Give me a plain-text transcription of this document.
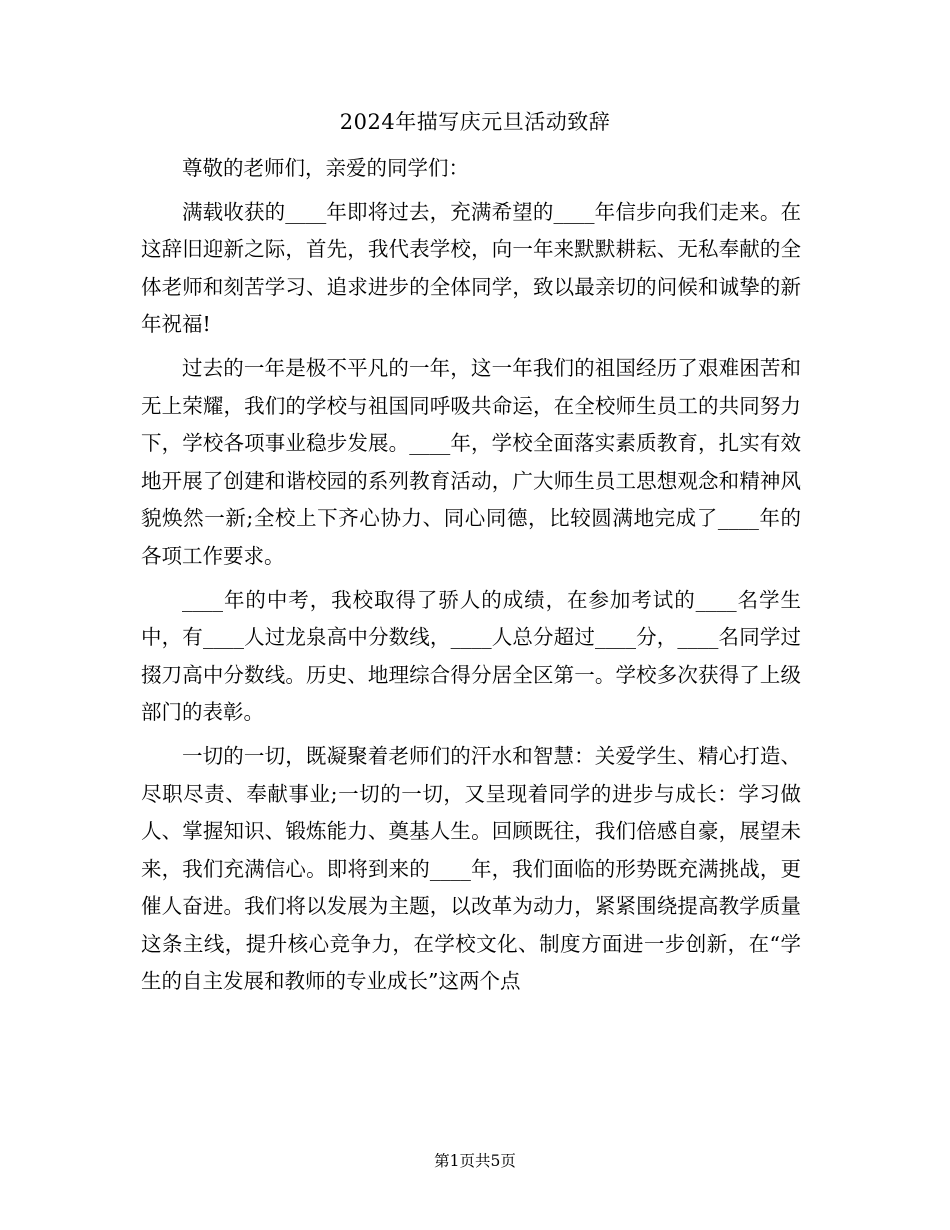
2024年描写庆元旦活动致辞

尊敬的老师们，亲爱的同学们：

满载收获的____年即将过去，充满希望的____年信步向我们走来。在这辞旧迎新之际，首先，我代表学校，向一年来默默耕耘、无私奉献的全体老师和刻苦学习、追求进步的全体同学，致以最亲切的问候和诚挚的新年祝福!

过去的一年是极不平凡的一年，这一年我们的祖国经历了艰难困苦和无上荣耀，我们的学校与祖国同呼吸共命运，在全校师生员工的共同努力下，学校各项事业稳步发展。____年，学校全面落实素质教育，扎实有效地开展了创建和谐校园的系列教育活动，广大师生员工思想观念和精神风貌焕然一新;全校上下齐心协力、同心同德，比较圆满地完成了____年的各项工作要求。

____年的中考，我校取得了骄人的成绩，在参加考试的____名学生中，有____人过龙泉高中分数线，____人总分超过____分，____名同学过掇刀高中分数线。历史、地理综合得分居全区第一。学校多次获得了上级部门的表彰。

一切的一切，既凝聚着老师们的汗水和智慧：关爱学生、精心打造、尽职尽责、奉献事业;一切的一切，又呈现着同学的进步与成长：学习做人、掌握知识、锻炼能力、奠基人生。回顾既往，我们倍感自豪，展望未来，我们充满信心。即将到来的____年，我们面临的形势既充满挑战，更催人奋进。我们将以发展为主题，以改革为动力，紧紧围绕提高教学质量这条主线，提升核心竞争力，在学校文化、制度方面进一步创新，在“学生的自主发展和教师的专业成长”这两个点

第1页共5页
